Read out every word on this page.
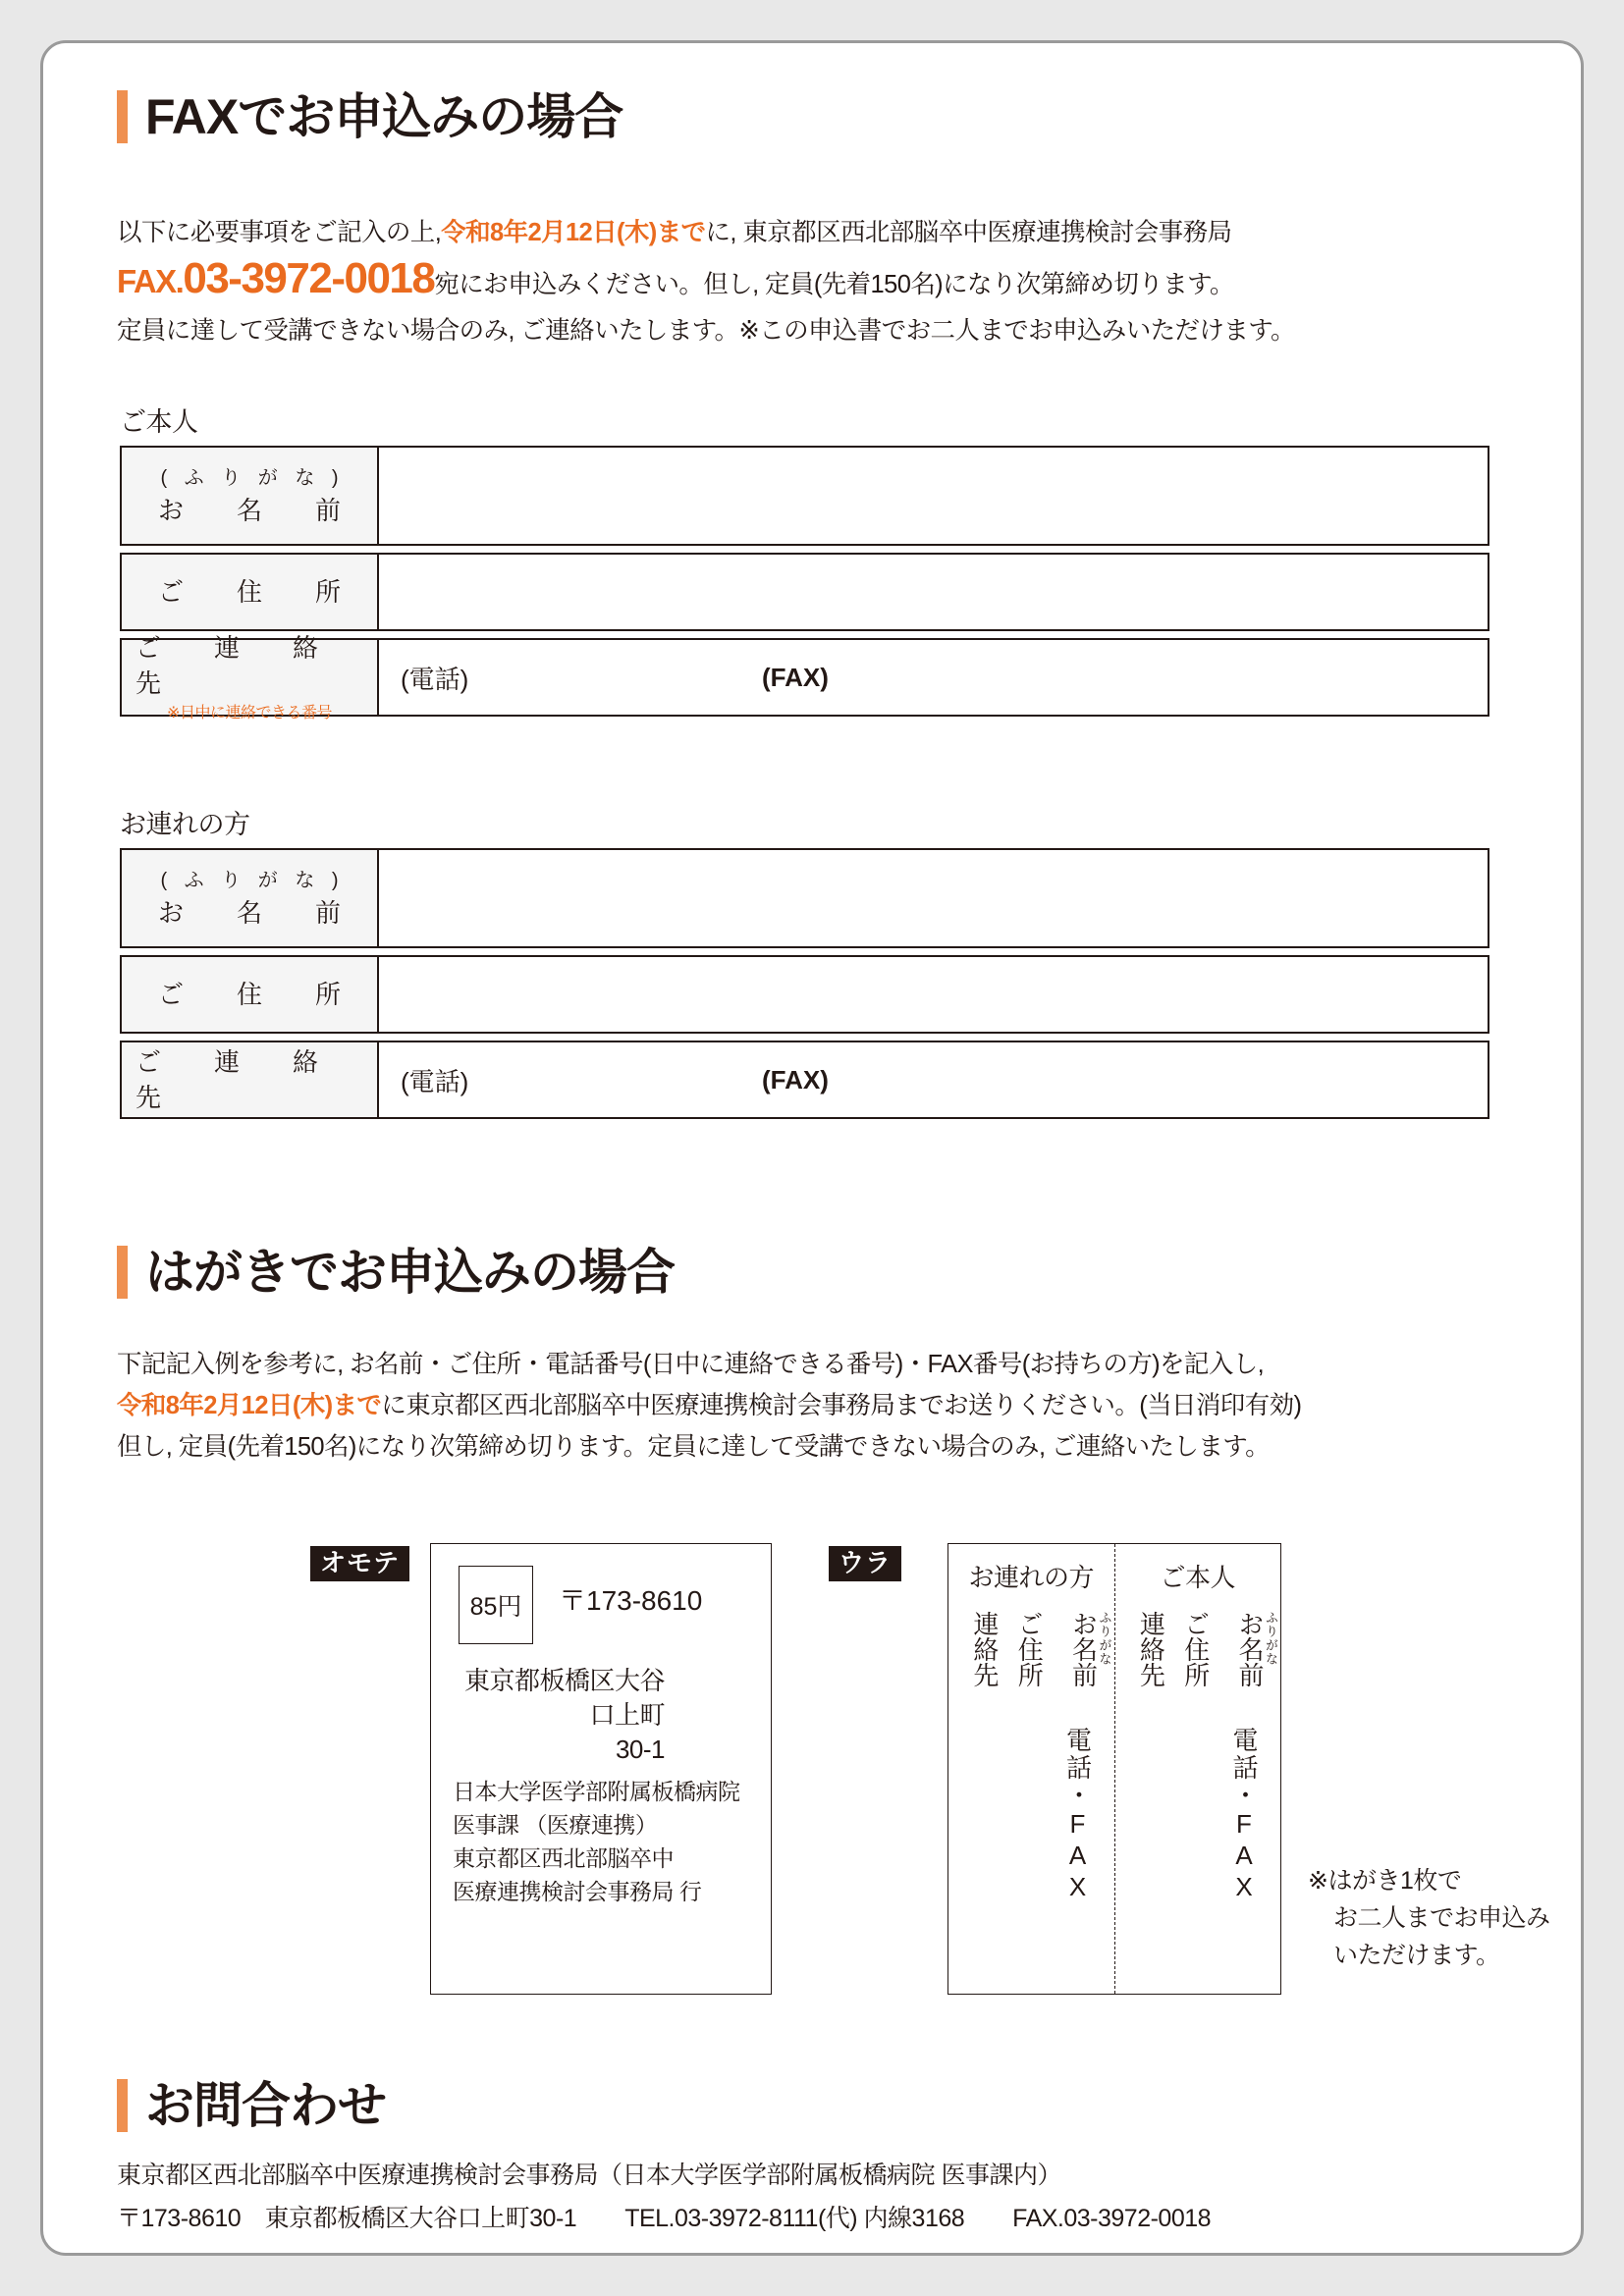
FAXでお申込みの場合
以下に必要事項をご記入の上,令和8年2月12日(木)までに, 東京都区西北部脳卒中医療連携検討会事務局
FAX.03-3972-0018宛にお申込みください。但し, 定員(先着150名)になり次第締め切ります。
定員に達して受講できない場合のみ, ご連絡いたします。※この申込書でお二人までお申込みいただけます。
ご本人
( ふ り が な )
お　名　前
ご　住　所
ご　連　絡　先
※日中に連絡できる番号
(電話)	(FAX)
お連れの方
( ふ り が な )
お　名　前
ご　住　所
ご　連　絡　先
(電話)	(FAX)
はがきでお申込みの場合
下記記入例を参考に, お名前・ご住所・電話番号(日中に連絡できる番号)・FAX番号(お持ちの方)を記入し,
令和8年2月12日(木)までに東京都区西北部脳卒中医療連携検討会事務局までお送りください。(当日消印有効)
但し, 定員(先着150名)になり次第締め切ります。定員に達して受講できない場合のみ, ご連絡いたします。
オモテ
85円 〒173-8610
東京都板橋区大谷口上町
30-1
日本大学医学部附属板橋病院
医事課 （医療連携）
東京都区西北部脳卒中
医療連携検討会事務局 行
ウラ	お連れの方
お名前 ふりがな
ご住所
連絡先
電話・FAX
ご本人
お名前 ふりがな
ご住所
連絡先
電話・FAX ※はがき1枚で
お二人までお申込み
いただけます。
お問合わせ
東京都区西北部脳卒中医療連携検討会事務局（日本大学医学部附属板橋病院 医事課内）
〒173-8610　東京都板橋区大谷口上町30-1　　TEL.03-3972-8111(代) 内線3168　　FAX.03-3972-0018
